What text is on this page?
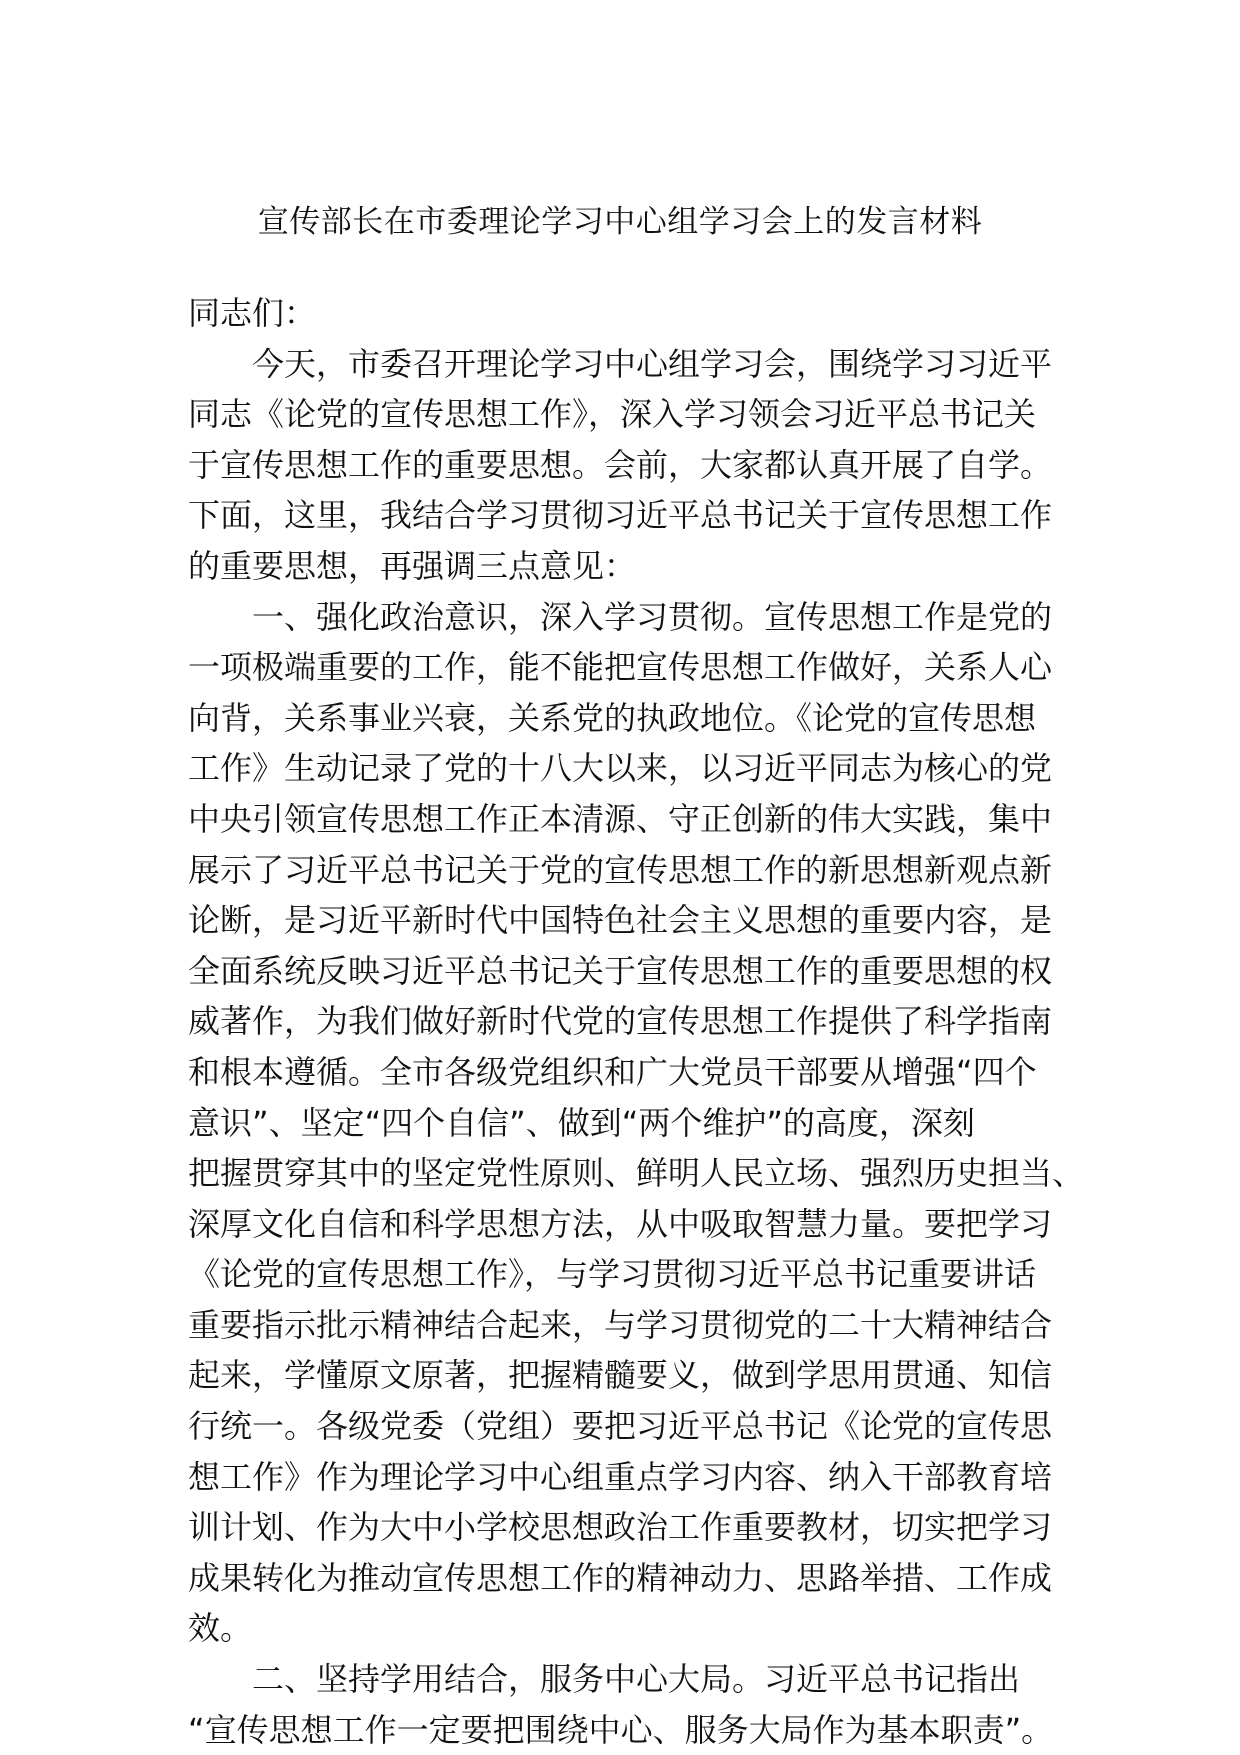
宣传部长在市委理论学习中心组学习会上的发言材料
同志们：
今天，市委召开理论学习中心组学习会，围绕学习习近平
同志《论党的宣传思想工作》，深入学习领会习近平总书记关
于宣传思想工作的重要思想。会前，大家都认真开展了自学。
下面，这里，我结合学习贯彻习近平总书记关于宣传思想工作
的重要思想，再强调三点意见：
一、强化政治意识，深入学习贯彻。宣传思想工作是党的
一项极端重要的工作，能不能把宣传思想工作做好，关系人心
向背，关系事业兴衰，关系党的执政地位。《论党的宣传思想
工作》生动记录了党的十八大以来，以习近平同志为核心的党
中央引领宣传思想工作正本清源、守正创新的伟大实践，集中
展示了习近平总书记关于党的宣传思想工作的新思想新观点新
论断，是习近平新时代中国特色社会主义思想的重要内容，是
全面系统反映习近平总书记关于宣传思想工作的重要思想的权
威著作，为我们做好新时代党的宣传思想工作提供了科学指南
和根本遵循。全市各级党组织和广大党员干部要从增强“四个
意识”、坚定“四个自信”、做到“两个维护”的高度，深刻
把握贯穿其中的坚定党性原则、鲜明人民立场、强烈历史担当、
深厚文化自信和科学思想方法，从中吸取智慧力量。要把学习
《论党的宣传思想工作》，与学习贯彻习近平总书记重要讲话
重要指示批示精神结合起来，与学习贯彻党的二十大精神结合
起来，学懂原文原著，把握精髓要义，做到学思用贯通、知信
行统一。各级党委（党组）要把习近平总书记《论党的宣传思
想工作》作为理论学习中心组重点学习内容、纳入干部教育培
训计划、作为大中小学校思想政治工作重要教材，切实把学习
成果转化为推动宣传思想工作的精神动力、思路举措、工作成
效。
二、坚持学用结合，服务中心大局。习近平总书记指出
“宣传思想工作一定要把围绕中心、服务大局作为基本职责”。
